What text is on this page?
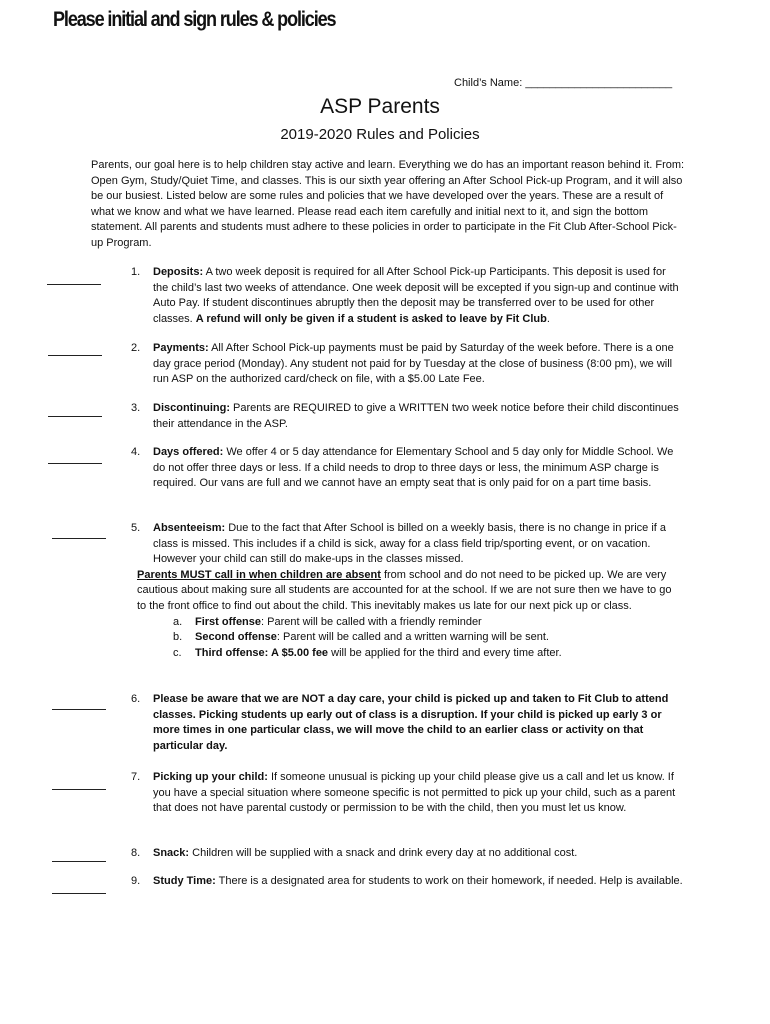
Please initial and sign rules & policies
Child’s Name: ________________________
ASP Parents
2019-2020 Rules and Policies
Parents, our goal here is to help children stay active and learn. Everything we do has an important reason behind it. From: Open Gym, Study/Quiet Time, and classes. This is our sixth year offering an After School Pick-up Program, and it will also be our busiest. Listed below are some rules and policies that we have developed over the years. These are a result of what we know and what we have learned. Please read each item carefully and initial next to it, and sign the bottom statement. All parents and students must adhere to these policies in order to participate in the Fit Club After-School Pick-up Program.
1. Deposits: A two week deposit is required for all After School Pick-up Participants. This deposit is used for the child’s last two weeks of attendance. One week deposit will be excepted if you sign-up and continue with Auto Pay. If student discontinues abruptly then the deposit may be transferred over to be used for other classes. A refund will only be given if a student is asked to leave by Fit Club.
2. Payments: All After School Pick-up payments must be paid by Saturday of the week before. There is a one day grace period (Monday). Any student not paid for by Tuesday at the close of business (8:00 pm), we will run ASP on the authorized card/check on file, with a $5.00 Late Fee.
3. Discontinuing: Parents are REQUIRED to give a WRITTEN two week notice before their child discontinues their attendance in the ASP.
4. Days offered: We offer 4 or 5 day attendance for Elementary School and 5 day only for Middle School. We do not offer three days or less. If a child needs to drop to three days or less, the minimum ASP charge is required. Our vans are full and we cannot have an empty seat that is only paid for on a part time basis.
5. Absenteeism: Due to the fact that After School is billed on a weekly basis, there is no change in price if a class is missed. This includes if a child is sick, away for a class field trip/sporting event, or on vacation. However your child can still do make-ups in the classes missed.
Parents MUST call in when children are absent from school and do not need to be picked up. We are very cautious about making sure all students are accounted for at the school. If we are not sure then we have to go to the front office to find out about the child. This inevitably makes us late for our next pick up or class.
a. First offense: Parent will be called with a friendly reminder
b. Second offense: Parent will be called and a written warning will be sent.
c. Third offense: A $5.00 fee will be applied for the third and every time after.
6. Please be aware that we are NOT a day care, your child is picked up and taken to Fit Club to attend classes. Picking students up early out of class is a disruption. If your child is picked up early 3 or more times in one particular class, we will move the child to an earlier class or activity on that particular day.
7. Picking up your child: If someone unusual is picking up your child please give us a call and let us know. If you have a special situation where someone specific is not permitted to pick up your child, such as a parent that does not have parental custody or permission to be with the child, then you must let us know.
8. Snack: Children will be supplied with a snack and drink every day at no additional cost.
9. Study Time: There is a designated area for students to work on their homework, if needed. Help is available.
